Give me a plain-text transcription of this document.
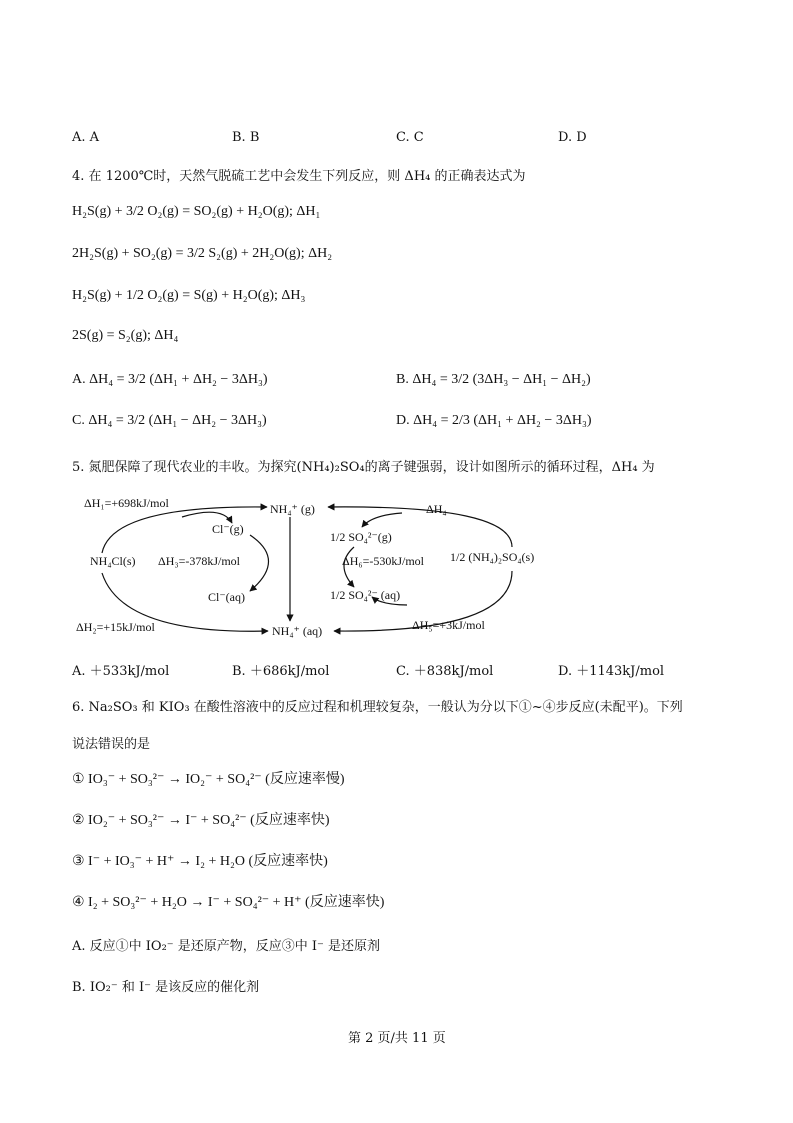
A. A	B. B	C. C	D. D
4. 在 1200℃时，天然气脱硫工艺中会发生下列反应，则 ΔH₄ 的正确表达式为
H₂S(g) + 3/2 O₂(g) = SO₂(g) + H₂O(g); ΔH₁
2H₂S(g) + SO₂(g) = 3/2 S₂(g) + 2H₂O(g); ΔH₂
H₂S(g) + 1/2 O₂(g) = S(g) + H₂O(g); ΔH₃
2S(g) = S₂(g); ΔH₄
A. ΔH₄ = 3/2 (ΔH₁ + ΔH₂ − 3ΔH₃)	B. ΔH₄ = 3/2 (3ΔH₃ − ΔH₁ − ΔH₂)
C. ΔH₄ = 3/2 (ΔH₁ − ΔH₂ − 3ΔH₃)	D. ΔH₄ = 2/3 (ΔH₁ + ΔH₂ − 3ΔH₃)
5. 氮肥保障了现代农业的丰收。为探究(NH₄)₂SO₄的离子键强弱，设计如图所示的循环过程，ΔH₄ 为
ΔH₁=+698kJ/mol	NH₄⁺ (g)	ΔH₄
Cl⁻(g)
NH₄Cl(s) ΔH₃=-378kJ/mol
1/2 SO₄²⁻(g)
ΔH₆=-530kJ/mol 1/2 (NH₄)₂SO₄(s)
Cl⁻(aq)	1/2 SO₄²⁻ (aq)
ΔH₂=+15kJ/mol	NH₄⁺ (aq)	ΔH₅=+3kJ/mol
A. ＋533kJ/mol	B. ＋686kJ/mol	C. ＋838kJ/mol	D. ＋1143kJ/mol
6. Na₂SO₃ 和 KIO₃ 在酸性溶液中的反应过程和机理较复杂，一般认为分以下①~④步反应(未配平)。下列
说法错误的是
① IO₃⁻ + SO₃²⁻ → IO₂⁻ + SO₄²⁻ (反应速率慢)
② IO₂⁻ + SO₃²⁻ → I⁻ + SO₄²⁻ (反应速率快)
③ I⁻ + IO₃⁻ + H⁺ → I₂ + H₂O (反应速率快)
④ I₂ + SO₃²⁻ + H₂O → I⁻ + SO₄²⁻ + H⁺ (反应速率快)
A. 反应①中 IO₂⁻ 是还原产物，反应③中 I⁻ 是还原剂
B. IO₂⁻ 和 I⁻ 是该反应的催化剂
第 2 页/共 11 页
